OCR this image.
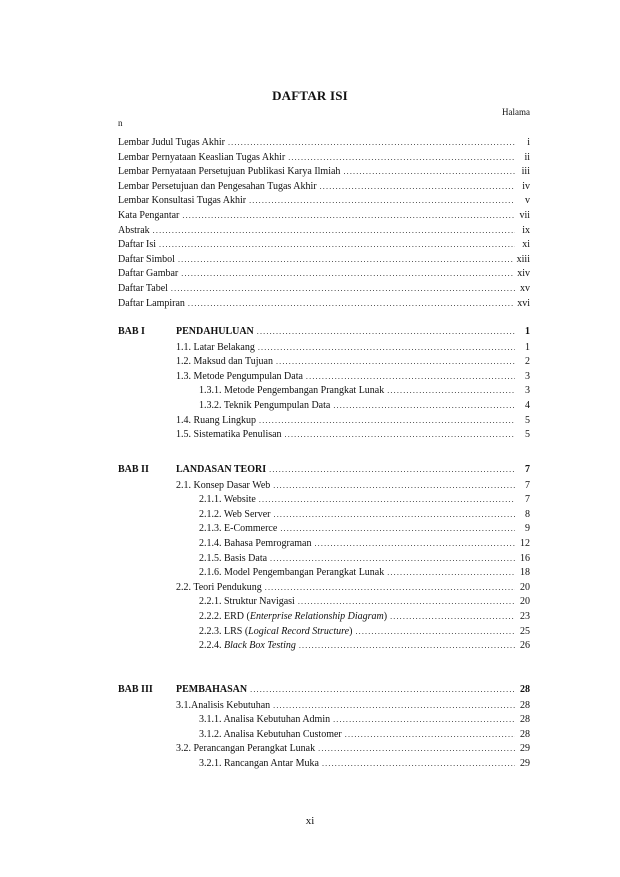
DAFTAR ISI
Halama
n
Lembar Judul Tugas Akhir .....	i
Lembar Pernyataan Keaslian Tugas Akhir .....	ii
Lembar Pernyataan Persetujuan Publikasi Karya Ilmiah .....	iii
Lembar Persetujuan dan Pengesahan Tugas Akhir .....	iv
Lembar Konsultasi Tugas Akhir .....	v
Kata Pengantar .....	vii
Abstrak .....	ix
Daftar Isi .....	xi
Daftar Simbol .....	xiii
Daftar Gambar .....	xiv
Daftar Tabel .....	xv
Daftar Lampiran .....	xvi
BAB I	PENDAHULUAN .....	1
1.1. Latar Belakang .....	1
1.2. Maksud dan Tujuan .....	2
1.3. Metode Pengumpulan Data .....	3
1.3.1. Metode Pengembangan Prangkat Lunak .....	3
1.3.2. Teknik Pengumpulan Data .....	4
1.4. Ruang Lingkup .....	5
1.5. Sistematika Penulisan .....	5
BAB II	LANDASAN TEORI .....	7
2.1. Konsep Dasar Web .....	7
2.1.1. Website .....	7
2.1.2. Web Server .....	8
2.1.3. E-Commerce .....	9
2.1.4. Bahasa Pemrograman .....	12
2.1.5. Basis Data .....	16
2.1.6. Model Pengembangan Perangkat Lunak .....	18
2.2. Teori Pendukung .....	20
2.2.1. Struktur Navigasi .....	20
2.2.2. ERD (Enterprise Relationship Diagram) .....	23
2.2.3. LRS (Logical Record Structure) .....	25
2.2.4. Black Box Testing .....	26
BAB III PEMBAHASAN .....	28
3.1.Analisis Kebutuhan .....	28
3.1.1. Analisa Kebutuhan Admin .....	28
3.1.2. Analisa Kebutuhan Customer .....	28
3.2. Perancangan Perangkat Lunak .....	29
3.2.1. Rancangan Antar Muka .....	29
xi
